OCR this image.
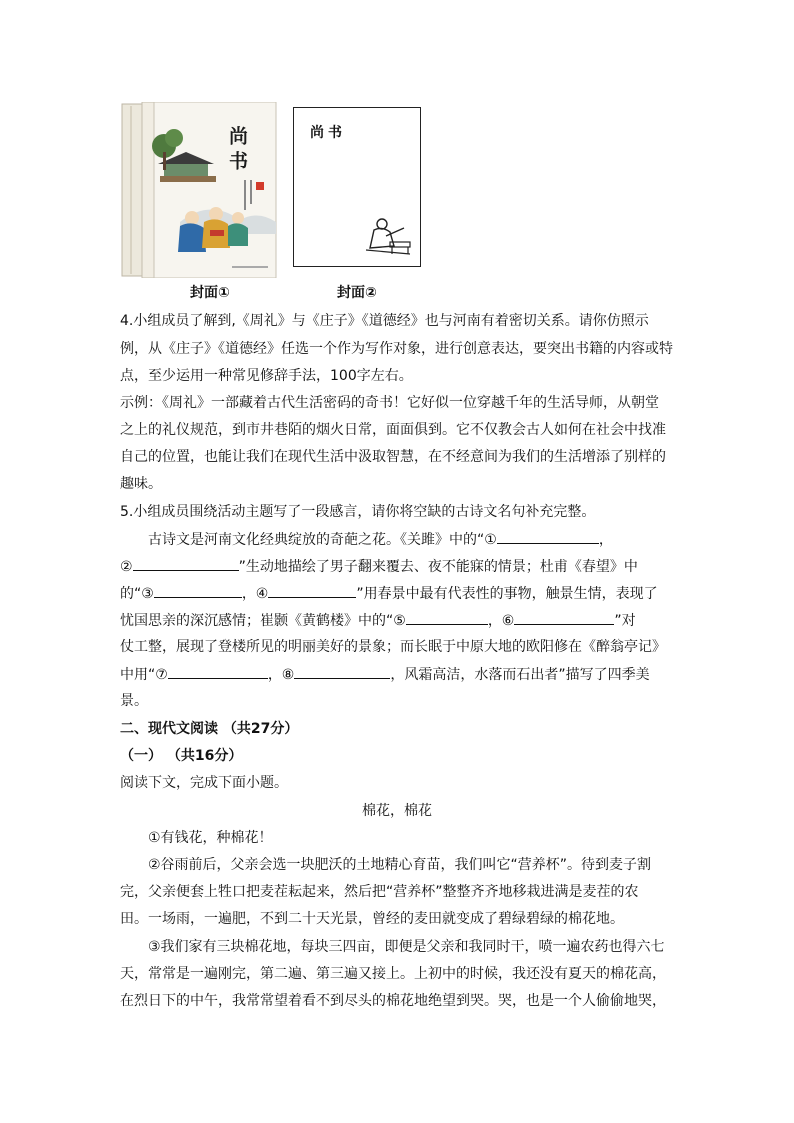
尚书	尚书
封面①	封面②
4.小组成员了解到,《周礼》与《庄子》《道德经》也与河南有着密切关系。请你仿照示
例，从《庄子》《道德经》任选一个作为写作对象，进行创意表达，要突出书籍的内容或特
点，至少运用一种常见修辞手法，100字左右。
示例：《周礼》一部藏着古代生活密码的奇书！它好似一位穿越千年的生活导师，从朝堂
之上的礼仪规范，到市井巷陌的烟火日常，面面俱到。它不仅教会古人如何在社会中找准
自己的位置，也能让我们在现代生活中汲取智慧，在不经意间为我们的生活增添了别样的
趣味。
5.小组成员围绕活动主题写了一段感言，请你将空缺的古诗文名句补充完整。
古诗文是河南文化经典绽放的奇葩之花。《关雎》中的“①	，
②	”生动地描绘了男子翻来覆去、夜不能寐的情景；杜甫《春望》中
的“③	，④	”用春景中最有代表性的事物，触景生情，表现了
忧国思亲的深沉感情；崔颢《黄鹤楼》中的“⑤	，⑥	”对
仗工整，展现了登楼所见的明丽美好的景象；而长眠于中原大地的欧阳修在《醉翁亭记》
中用“⑦	，⑧	，风霜高洁，水落而石出者”描写了四季美
景。
二、现代文阅读 （共27分）
（一） （共16分）
阅读下文，完成下面小题。
棉花，棉花
①有钱花，种棉花！
②谷雨前后，父亲会选一块肥沃的土地精心育苗，我们叫它“营养杯”。待到麦子割
完，父亲便套上牲口把麦茬耘起来，然后把“营养杯”整整齐齐地移栽进满是麦茬的农
田。一场雨，一遍肥，不到二十天光景，曾经的麦田就变成了碧绿碧绿的棉花地。
③我们家有三块棉花地，每块三四亩，即便是父亲和我同时干，喷一遍农药也得六七
天，常常是一遍刚完，第二遍、第三遍又接上。上初中的时候，我还没有夏天的棉花高，
在烈日下的中午，我常常望着看不到尽头的棉花地绝望到哭。哭，也是一个人偷偷地哭，
